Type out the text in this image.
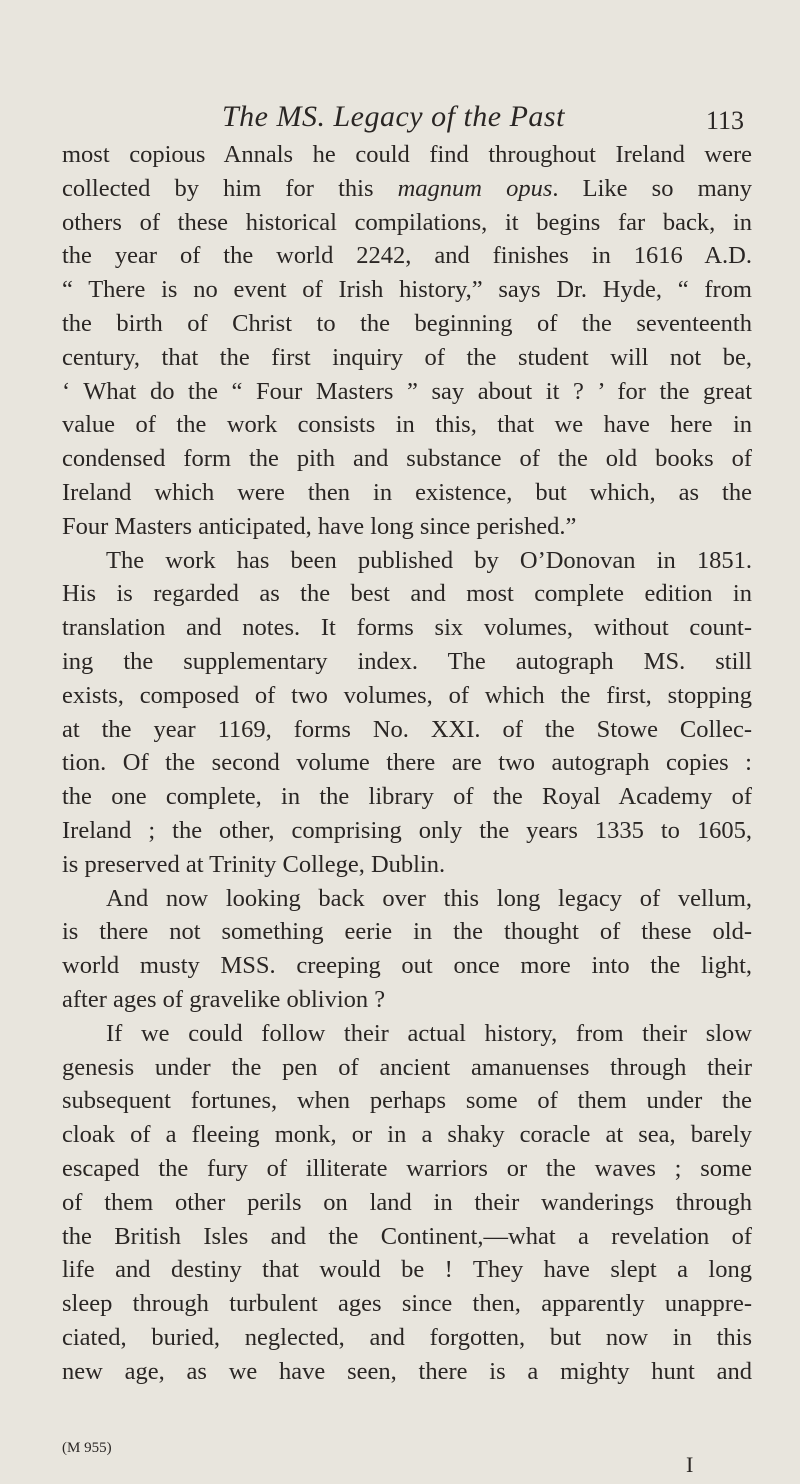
The MS. Legacy of the Past	113
most copious Annals he could find throughout Ireland were
collected by him for this magnum opus. Like so many
others of these historical compilations, it begins far back, in
the year of the world 2242, and finishes in 1616 A.D.
“ There is no event of Irish history,” says Dr. Hyde, “ from
the birth of Christ to the beginning of the seventeenth
century, that the first inquiry of the student will not be,
‘ What do the “ Four Masters ” say about it ? ’ for the great
value of the work consists in this, that we have here in
condensed form the pith and substance of the old books of
Ireland which were then in existence, but which, as the
Four Masters anticipated, have long since perished.”
The work has been published by O’Donovan in 1851.
His is regarded as the best and most complete edition in
translation and notes. It forms six volumes, without count-
ing the supplementary index. The autograph MS. still
exists, composed of two volumes, of which the first, stopping
at the year 1169, forms No. XXI. of the Stowe Collec-
tion. Of the second volume there are two autograph copies :
the one complete, in the library of the Royal Academy of
Ireland ; the other, comprising only the years 1335 to 1605,
is preserved at Trinity College, Dublin.
And now looking back over this long legacy of vellum,
is there not something eerie in the thought of these old-
world musty MSS. creeping out once more into the light,
after ages of gravelike oblivion ?
If we could follow their actual history, from their slow
genesis under the pen of ancient amanuenses through their
subsequent fortunes, when perhaps some of them under the
cloak of a fleeing monk, or in a shaky coracle at sea, barely
escaped the fury of illiterate warriors or the waves ; some
of them other perils on land in their wanderings through
the British Isles and the Continent,—what a revelation of
life and destiny that would be ! They have slept a long
sleep through turbulent ages since then, apparently unappre-
ciated, buried, neglected, and forgotten, but now in this
new age, as we have seen, there is a mighty hunt and
(M 955)
I
